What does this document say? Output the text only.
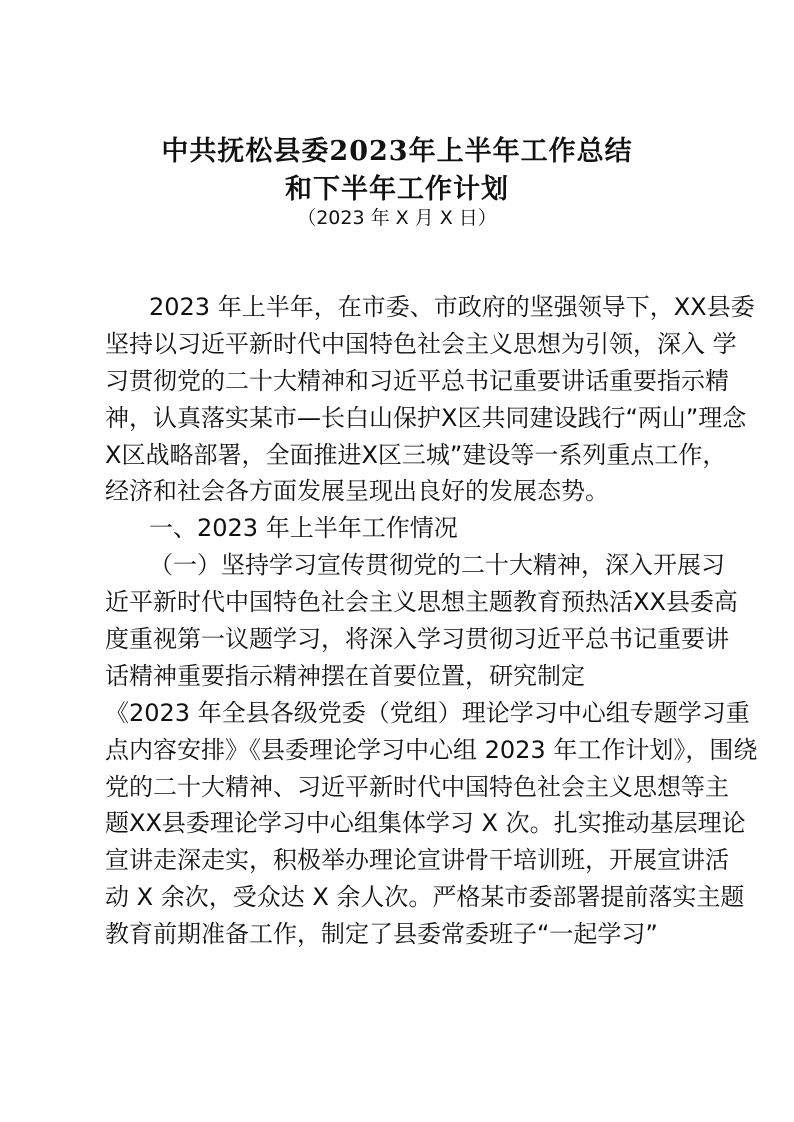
中共抚松县委2023年上半年工作总结
和下半年工作计划
（2023 年 X 月 X 日）
2023 年上半年，在市委、市政府的坚强领导下，XX县委
坚持以习近平新时代中国特色社会主义思想为引领，深入 学
习贯彻党的二十大精神和习近平总书记重要讲话重要指示精
神，认真落实某市—长白山保护X区共同建设践行“两山”理念
X区战略部署，全面推进X区三城”建设等一系列重点工作，
经济和社会各方面发展呈现出良好的发展态势。
一、2023 年上半年工作情况
（一）坚持学习宣传贯彻党的二十大精神，深入开展习
近平新时代中国特色社会主义思想主题教育预热活XX县委高
度重视第一议题学习，将深入学习贯彻习近平总书记重要讲
话精神重要指示精神摆在首要位置，研究制定
《2023 年全县各级党委（党组）理论学习中心组专题学习重
点内容安排》《县委理论学习中心组 2023 年工作计划》，围绕
党的二十大精神、习近平新时代中国特色社会主义思想等主
题XX县委理论学习中心组集体学习 X 次。扎实推动基层理论
宣讲走深走实，积极举办理论宣讲骨干培训班，开展宣讲活
动 X 余次，受众达 X 余人次。严格某市委部署提前落实主题
教育前期准备工作，制定了县委常委班子“一起学习”
